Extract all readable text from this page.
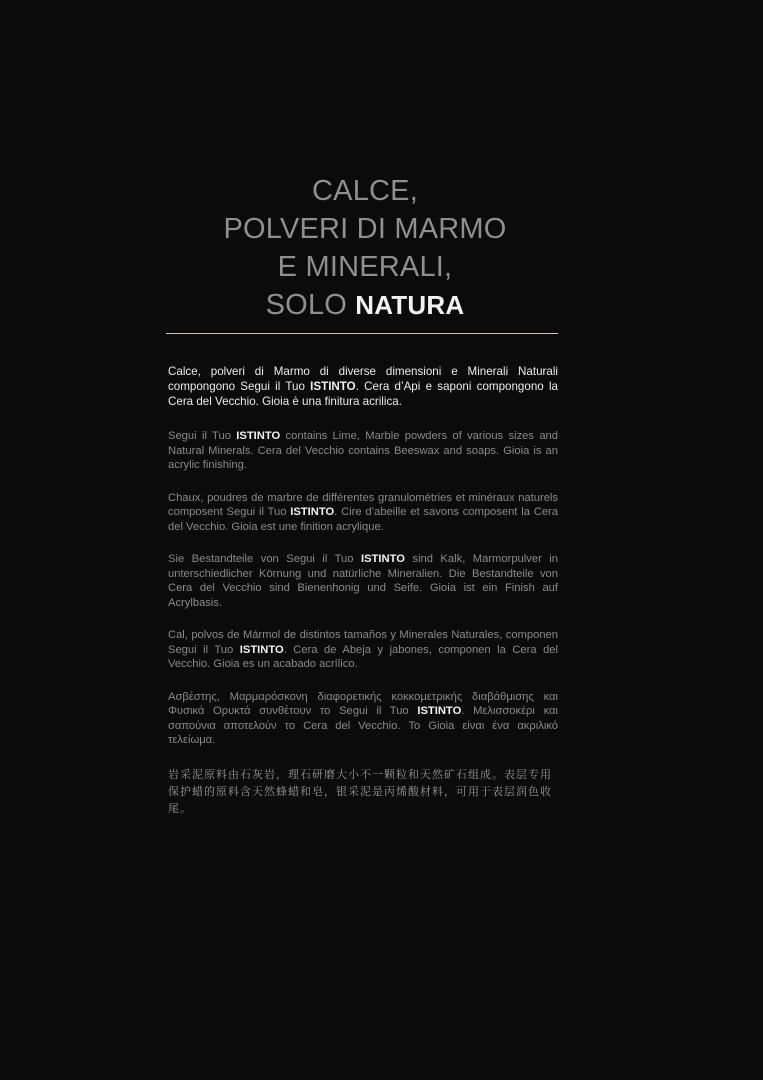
CALCE,
POLVERI DI MARMO
E MINERALI,
SOLO NATURA

Calce, polveri di Marmo di diverse dimensioni e Minerali Naturali compongono Segui il Tuo ISTINTO. Cera d’Api e saponi compongono la Cera del Vecchio. Gioia è una finitura acrilica.

Segui il Tuo ISTINTO contains Lime, Marble powders of various sizes and Natural Minerals. Cera del Vecchio contains Beeswax and soaps. Gioia is an acrylic finishing.

Chaux, poudres de marbre de différentes granulométries et minéraux naturels composent Segui il Tuo ISTINTO. Cire d’abeille et savons composent la Cera del Vecchio. Gioia est une finition acrylique.

Sie Bestandteile von Segui il Tuo ISTINTO sind Kalk, Marmorpulver in unterschiedlicher Körnung und natürliche Mineralien. Die Bestandteile von Cera del Vecchio sind Bienenhonig und Seife. Gioia ist ein Finish auf Acrylbasis.

Cal, polvos de Mármol de distintos tamaños y Minerales Naturales, componen Segui il Tuo ISTINTO. Cera de Abeja y jabones, componen la Cera del Vecchio. Gioia es un acabado acrílico.

Ασβέστης, Μαρμαρόσκονη διαφορετικής κοκκομετρικής διαβάθμισης και Φυσικά Ορυκτά συνθέτουν το Segui il Tuo ISTINTO. Μελισσοκέρι και σαπούνια αποτελούν το Cera del Vecchio. Το Gioia είναι ένα ακριλικό τελείωμα.

岩采泥原料由石灰岩，理石研磨大小不一颗粒和天然矿石组成。表层专用保护蜡的原料含天然蜂蜡和皂，银采泥是丙烯酸材料，可用于表层润色收尾。
